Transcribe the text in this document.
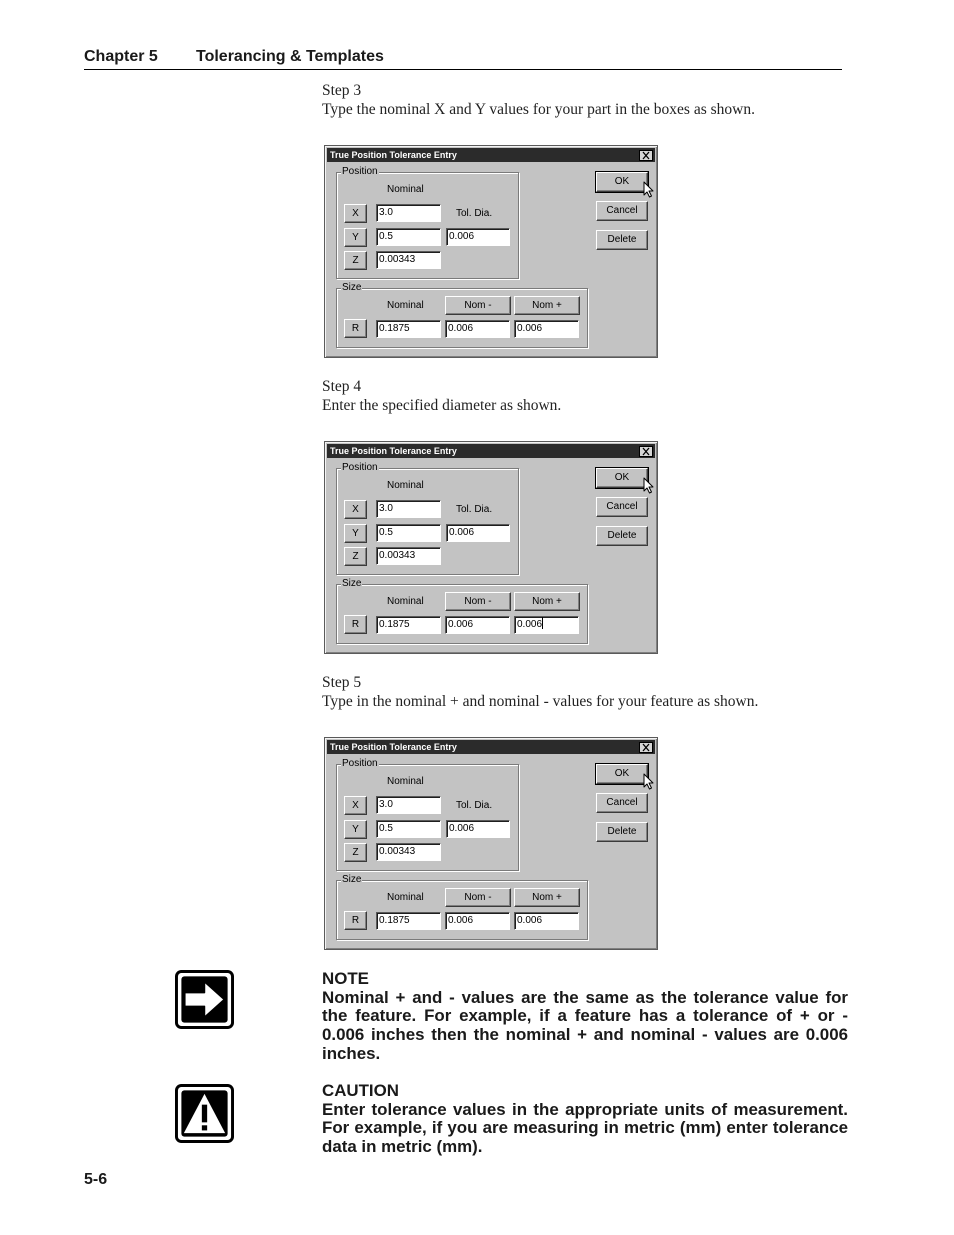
Chapter 5 Tolerancing & Templates
Step 3
Type the nominal X and Y values for your part in the boxes as shown.
True Position Tolerance Entry
Position
Nominal
Tol. Dia.
X	3.0
Y	0.5	0.006
Z	0.00343
Size
Nominal	Nom -	Nom +
R	0.1875	0.006	0.006
OK
Cancel
Delete
Step 4
Enter the specified diameter as shown.
True Position Tolerance Entry
Position
Nominal
Tol. Dia.
X	3.0
Y	0.5	0.006
Z	0.00343
Size
Nominal	Nom -	Nom +
R	0.1875	0.006	0.006
OK
Cancel
Delete
Step 5
Type in the nominal + and nominal - values for your feature as shown.
True Position Tolerance Entry
Position
Nominal
Tol. Dia.
X	3.0
Y	0.5	0.006
Z	0.00343
Size
Nominal	Nom -	Nom +
R	0.1875	0.006	0.006
OK
Cancel
Delete
NOTE

Nominal + and - values are the same as the tolerance value for the feature. For example, if a feature has a tolerance of + or - 0.006 inches then the nominal + and nominal - values are 0.006 inches.

CAUTION

Enter tolerance values in the appropriate units of measurement. For example, if you are measuring in metric (mm) enter tolerance data in metric (mm).

5-6
